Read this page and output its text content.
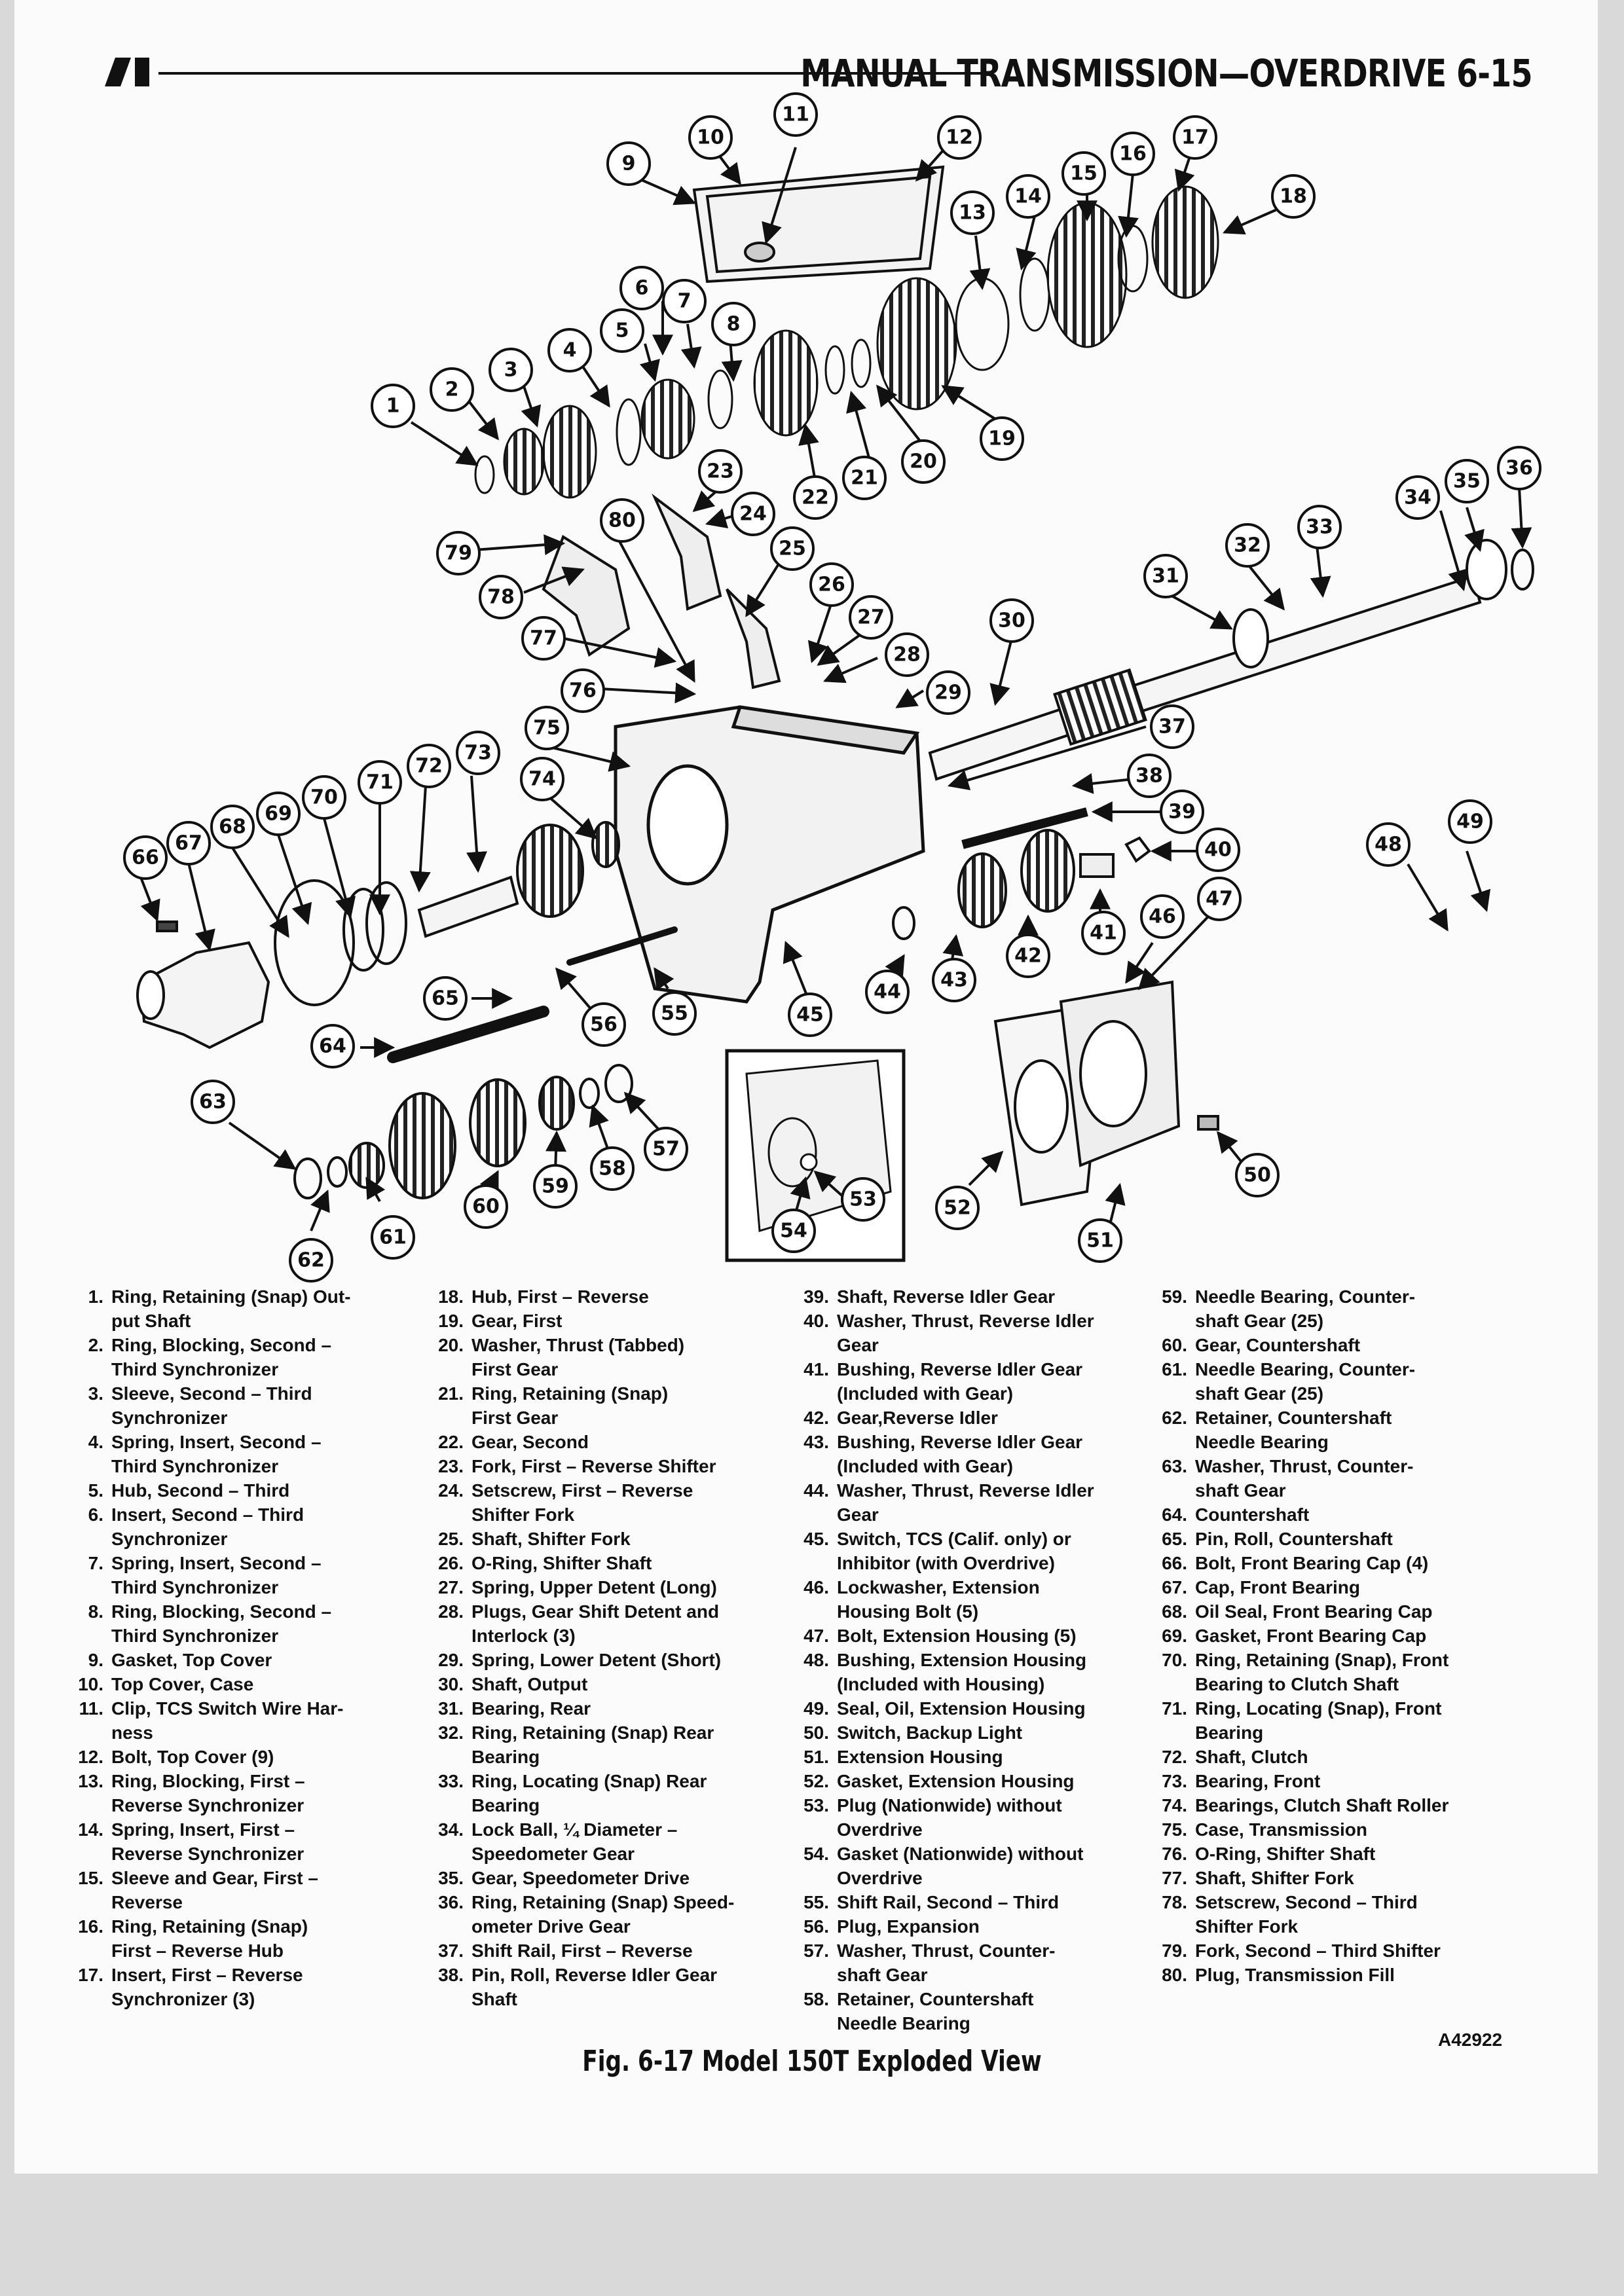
MANUAL TRANSMISSION—OVERDRIVE 6-15
1
2
3
4
5
6
7
8
9
10
11
12
13
14
15
16
17
18
19
20
21
22
23
24
25
26
27
28
29
30
31
32
33
34
35
36
37
38
39
40
41
42
43
44
45
46
47
48
49
50
51
52
53
54
55
56
57
58
59
60
61
62
63
64
65
66
67
68
69
70
71
72
73
74
75
76
77
78
79
80
1. Ring, Retaining (Snap) Out-
put Shaft
2. Ring, Blocking, Second –
Third Synchronizer
3. Sleeve, Second – Third
Synchronizer
4. Spring, Insert, Second –
Third Synchronizer
5. Hub, Second – Third
6. Insert, Second – Third
Synchronizer
7. Spring, Insert, Second –
Third Synchronizer
8. Ring, Blocking, Second –
Third Synchronizer
9. Gasket, Top Cover
10. Top Cover, Case
11. Clip, TCS Switch Wire Har-
ness
12. Bolt, Top Cover (9)
13. Ring, Blocking, First –
Reverse Synchronizer
14. Spring, Insert, First –
Reverse Synchronizer
15. Sleeve and Gear, First –
Reverse
16. Ring, Retaining (Snap)
First – Reverse Hub
17. Insert, First – Reverse
Synchronizer (3)
18. Hub, First – Reverse
19. Gear, First
20. Washer, Thrust (Tabbed)
First Gear
21. Ring, Retaining (Snap)
First Gear
22. Gear, Second
23. Fork, First – Reverse Shifter
24. Setscrew, First – Reverse
Shifter Fork
25. Shaft, Shifter Fork
26. O-Ring, Shifter Shaft
27. Spring, Upper Detent (Long)
28. Plugs, Gear Shift Detent and
Interlock (3)
29. Spring, Lower Detent (Short)
30. Shaft, Output
31. Bearing, Rear
32. Ring, Retaining (Snap) Rear
Bearing
33. Ring, Locating (Snap) Rear
Bearing
34. Lock Ball, ¼ Diameter –
Speedometer Gear
35. Gear, Speedometer Drive
36. Ring, Retaining (Snap) Speed-
ometer Drive Gear
37. Shift Rail, First – Reverse
38. Pin, Roll, Reverse Idler Gear
Shaft
39. Shaft, Reverse Idler Gear
40. Washer, Thrust, Reverse Idler
Gear
41. Bushing, Reverse Idler Gear
(Included with Gear)
42. Gear,Reverse Idler
43. Bushing, Reverse Idler Gear
(Included with Gear)
44. Washer, Thrust, Reverse Idler
Gear
45. Switch, TCS (Calif. only) or
Inhibitor (with Overdrive)
46. Lockwasher, Extension
Housing Bolt (5)
47. Bolt, Extension Housing (5)
48. Bushing, Extension Housing
(Included with Housing)
49. Seal, Oil, Extension Housing
50. Switch, Backup Light
51. Extension Housing
52. Gasket, Extension Housing
53. Plug (Nationwide) without
Overdrive
54. Gasket (Nationwide) without
Overdrive
55. Shift Rail, Second – Third
56. Plug, Expansion
57. Washer, Thrust, Counter-
shaft Gear
58. Retainer, Countershaft
Needle Bearing
59. Needle Bearing, Counter-
shaft Gear (25)
60. Gear, Countershaft
61. Needle Bearing, Counter-
shaft Gear (25)
62. Retainer, Countershaft
Needle Bearing
63. Washer, Thrust, Counter-
shaft Gear
64. Countershaft
65. Pin, Roll, Countershaft
66. Bolt, Front Bearing Cap (4)
67. Cap, Front Bearing
68. Oil Seal, Front Bearing Cap
69. Gasket, Front Bearing Cap
70. Ring, Retaining (Snap), Front
Bearing to Clutch Shaft
71. Ring, Locating (Snap), Front
Bearing
72. Shaft, Clutch
73. Bearing, Front
74. Bearings, Clutch Shaft Roller
75. Case, Transmission
76. O-Ring, Shifter Shaft
77. Shaft, Shifter Fork
78. Setscrew, Second – Third
Shifter Fork
79. Fork, Second – Third Shifter
80. Plug, Transmission Fill
A42922
Fig. 6-17 Model 150T Exploded View
